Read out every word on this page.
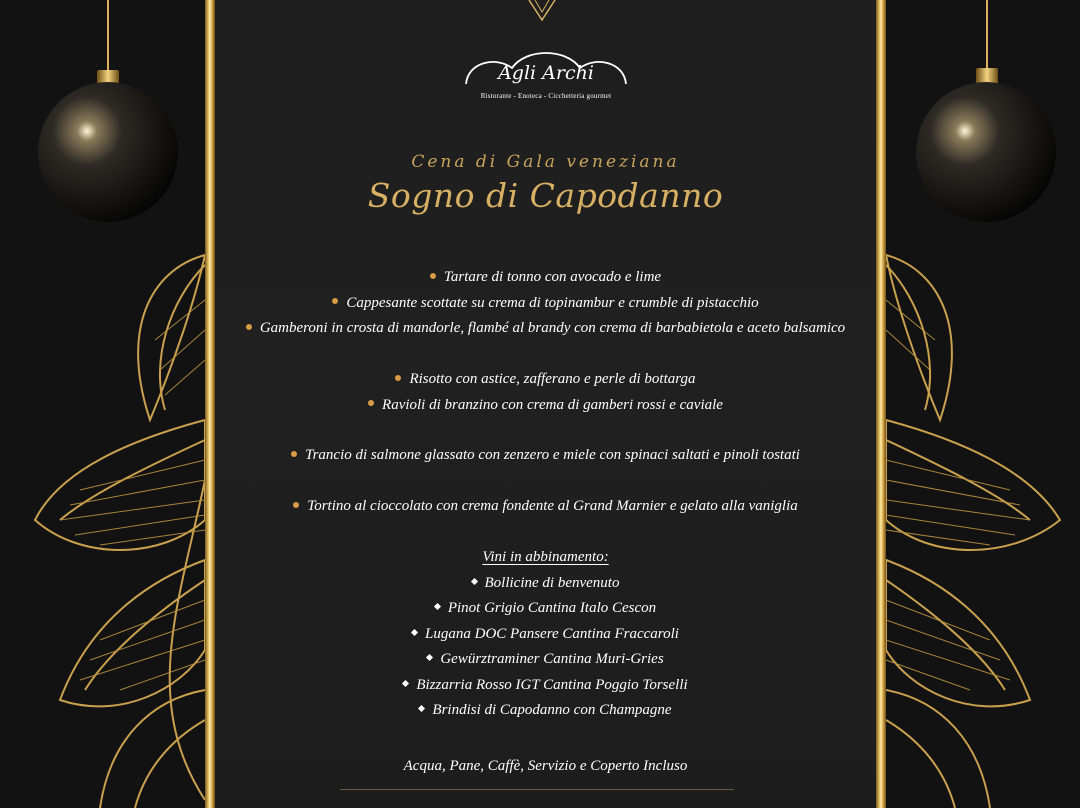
Agli Archi
Ristorante - Enoteca - Cicchetteria gourmet
Cena di Gala veneziana
Sogno di Capodanno
Tartare di tonno con avocado e lime
Cappesante scottate su crema di topinambur e crumble di pistacchio
Gamberoni in crosta di mandorle, flambé al brandy con crema di barbabietola e aceto balsamico
Risotto con astice, zafferano e perle di bottarga
Ravioli di branzino con crema di gamberi rossi e caviale
Trancio di salmone glassato con zenzero e miele con spinaci saltati e pinoli tostati
Tortino al cioccolato con crema fondente al Grand Marnier e gelato alla vaniglia
Vini in abbinamento:
Bollicine di benvenuto
Pinot Grigio Cantina Italo Cescon
Lugana DOC Pansere Cantina Fraccaroli
Gewürztraminer Cantina Muri-Gries
Bizzarria Rosso IGT Cantina Poggio Torselli
Brindisi di Capodanno con Champagne
Acqua, Pane, Caffè, Servizio e Coperto Incluso
